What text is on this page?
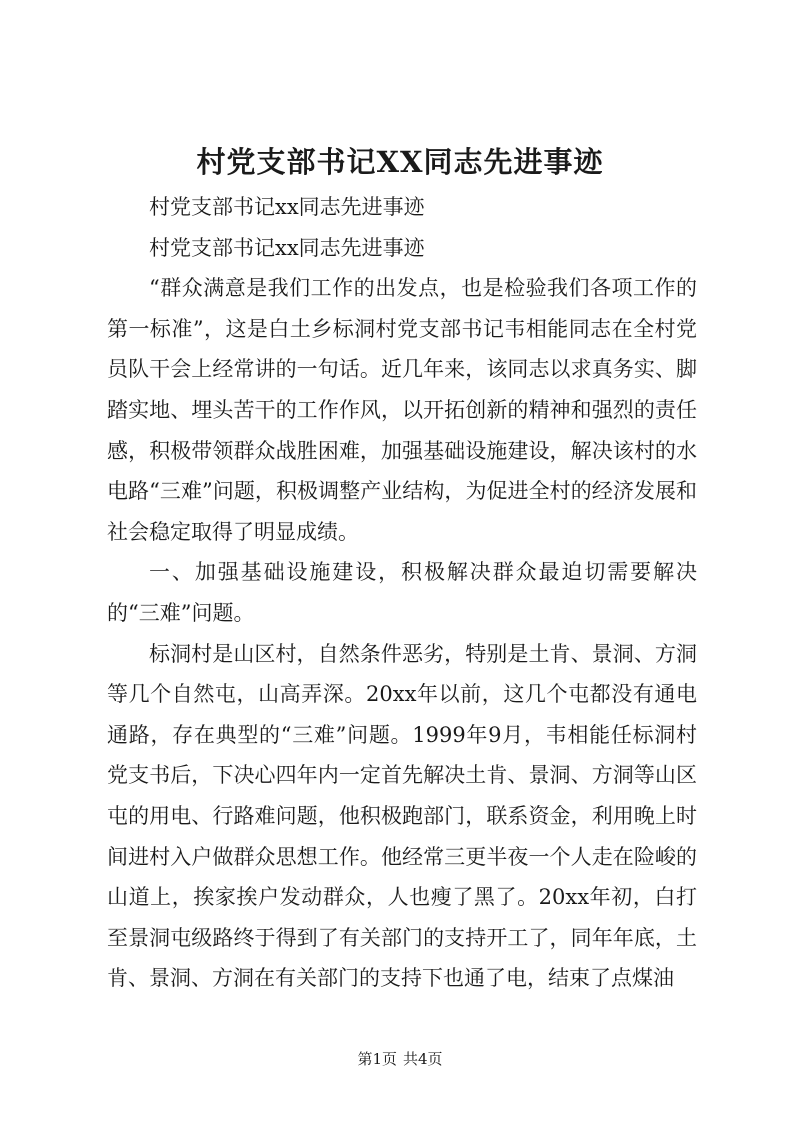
村党支部书记XX同志先进事迹

村党支部书记xx同志先进事迹

村党支部书记xx同志先进事迹

“群众满意是我们工作的出发点，也是检验我们各项工作的第一标准”，这是白土乡标洞村党支部书记韦相能同志在全村党员队干会上经常讲的一句话。近几年来，该同志以求真务实、脚踏实地、埋头苦干的工作作风，以开拓创新的精神和强烈的责任感，积极带领群众战胜困难，加强基础设施建设，解决该村的水电路“三难”问题，积极调整产业结构，为促进全村的经济发展和社会稳定取得了明显成绩。

一、加强基础设施建设，积极解决群众最迫切需要解决的“三难”问题。

标洞村是山区村，自然条件恶劣，特别是土肯、景洞、方洞等几个自然屯，山高弄深。20xx年以前，这几个屯都没有通电通路，存在典型的“三难”问题。1999年9月，韦相能任标洞村党支书后，下决心四年内一定首先解决土肯、景洞、方洞等山区屯的用电、行路难问题，他积极跑部门，联系资金，利用晚上时间进村入户做群众思想工作。他经常三更半夜一个人走在险峻的山道上，挨家挨户发动群众，人也瘦了黑了。20xx年初，白打至景洞屯级路终于得到了有关部门的支持开工了，同年年底，土肯、景洞、方洞在有关部门的支持下也通了电，结束了点煤油

第1页 共4页
